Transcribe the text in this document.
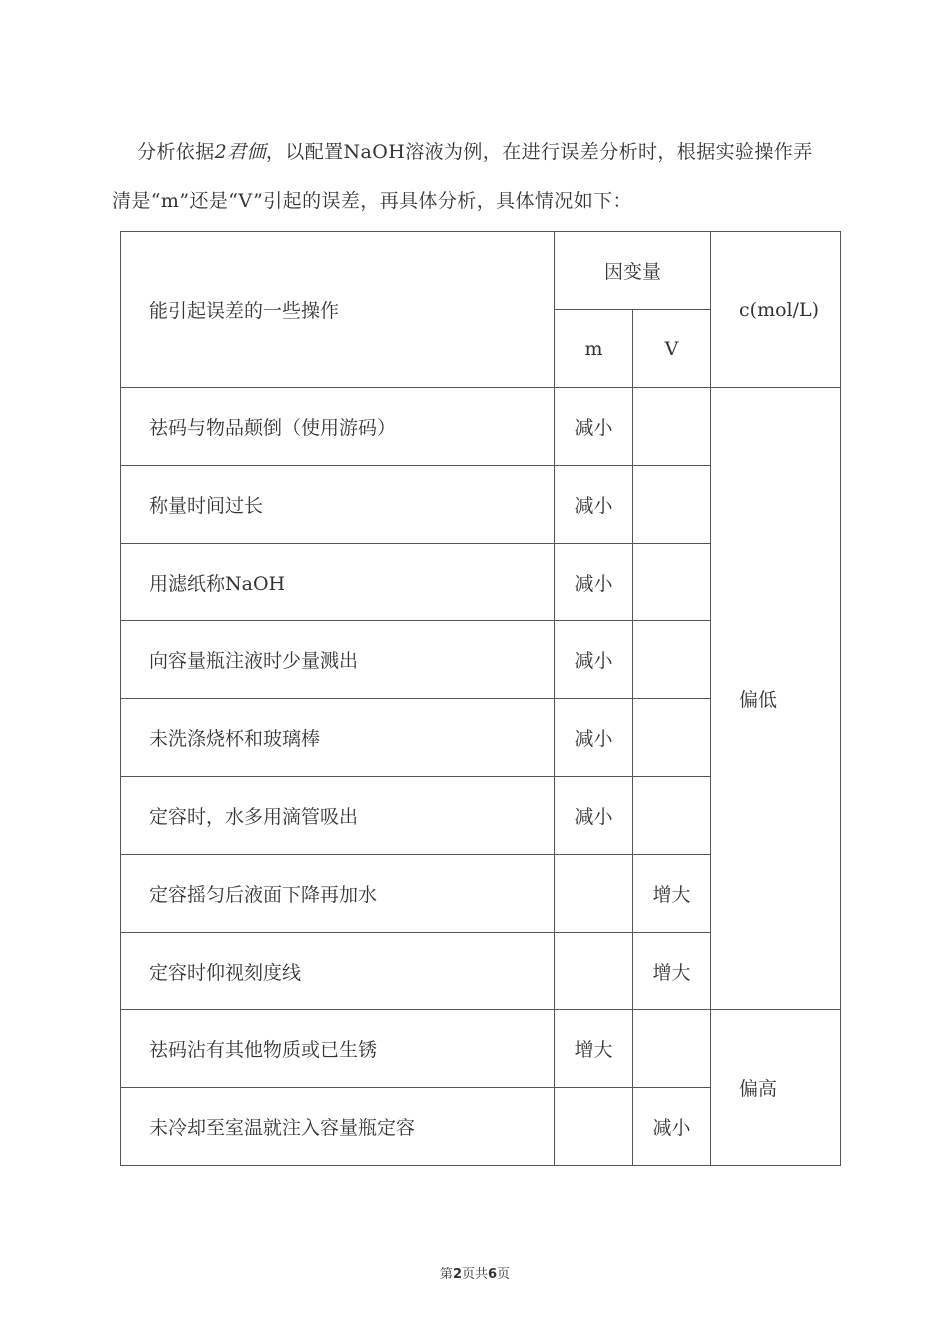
分析依据2君価，以配置NaOH溶液为例，在进行误差分析时，根据实验操作弄
清是“m”还是“V”引起的误差，再具体分析，具体情况如下：
能引起误差的一些操作	因变量		c(mol/L)
	m	V	
祛码与物品颠倒（使用游码）	减小		偏低
称量时间过长	减小		
用滤纸称NaOH	减小		
向容量瓶注液时少量溅出	减小		
未洗涤烧杯和玻璃棒	减小		
定容时，水多用滴管吸出	减小		
定容摇匀后液面下降再加水		增大	
定容时仰视刻度线		增大	
祛码沾有其他物质或已生锈	增大		偏高
未冷却至室温就注入容量瓶定容		减小	
第2页共6页
